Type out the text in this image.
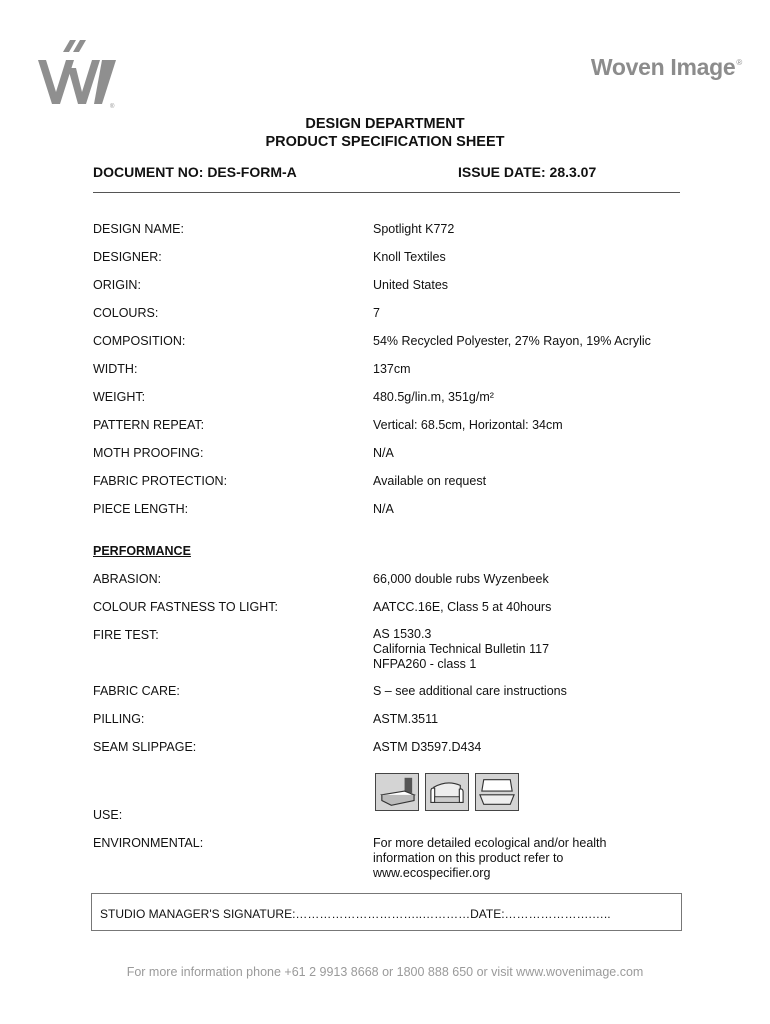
®
Woven Image®
DESIGN DEPARTMENT
PRODUCT SPECIFICATION SHEET
DOCUMENT NO: DES-FORM-A	ISSUE DATE: 28.3.07
DESIGN NAME:	Spotlight K772
DESIGNER:	Knoll Textiles
ORIGIN:	United States
COLOURS:	7
COMPOSITION:	54% Recycled Polyester, 27% Rayon, 19% Acrylic
WIDTH:	137cm
WEIGHT:	480.5g/lin.m, 351g/m²
PATTERN REPEAT:	Vertical: 68.5cm, Horizontal: 34cm
MOTH PROOFING:	N/A
FABRIC PROTECTION:	Available on request
PIECE LENGTH:	N/A
PERFORMANCE
ABRASION:	66,000 double rubs Wyzenbeek
COLOUR FASTNESS TO LIGHT:	AATCC.16E, Class 5 at 40hours
FIRE TEST:	AS 1530.3
California Technical Bulletin 117
NFPA260 - class 1
FABRIC CARE:	S – see additional care instructions
PILLING:	ASTM.3511
SEAM SLIPPAGE:	ASTM D3597.D434
USE:
ENVIRONMENTAL:	For more detailed ecological and/or health
information on this product refer to
www.ecospecifier.org
STUDIO MANAGER'S SIGNATURE:…………………………..…………DATE:………………….…..
For more information phone +61 2 9913 8668 or 1800 888 650 or visit www.wovenimage.com
